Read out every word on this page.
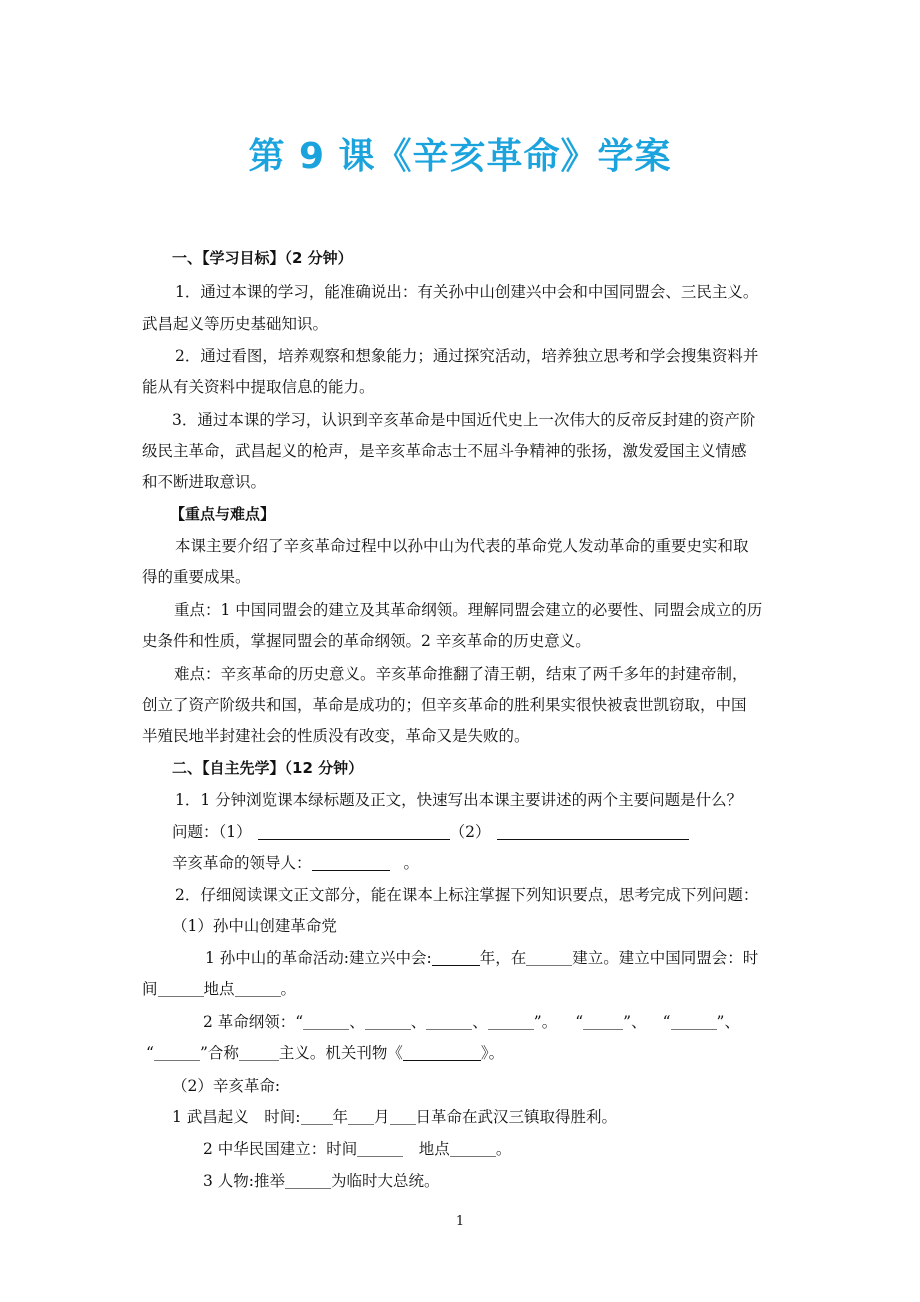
第 9 课《辛亥革命》学案
一、【学习目标】（2 分钟）
1．通过本课的学习，能准确说出：有关孙中山创建兴中会和中国同盟会、三民主义。
武昌起义等历史基础知识。
2．通过看图，培养观察和想象能力；通过探究活动，培养独立思考和学会搜集资料并
能从有关资料中提取信息的能力。
3．通过本课的学习，认识到辛亥革命是中国近代史上一次伟大的反帝反封建的资产阶
级民主革命，武昌起义的枪声，是辛亥革命志士不屈斗争精神的张扬，激发爱国主义情感
和不断进取意识。
【重点与难点】
本课主要介绍了辛亥革命过程中以孙中山为代表的革命党人发动革命的重要史实和取
得的重要成果。
重点：1 中国同盟会的建立及其革命纲领。理解同盟会建立的必要性、同盟会成立的历
史条件和性质，掌握同盟会的革命纲领。2 辛亥革命的历史意义。
难点：辛亥革命的历史意义。辛亥革命推翻了清王朝，结束了两千多年的封建帝制，
创立了资产阶级共和国，革命是成功的；但辛亥革命的胜利果实很快被袁世凯窃取，中国
半殖民地半封建社会的性质没有改变，革命又是失败的。
二、【自主先学】（12 分钟）
1．1 分钟浏览课本绿标题及正文，快速写出本课主要讲述的两个主要问题是什么？
问题：（1）	（2）
辛亥革命的领导人：	。
2．仔细阅读课文正文部分，能在课本上标注掌握下列知识要点，思考完成下列问题：
（1）孙中山创建革命党
1 孙中山的革命活动:建立兴中会:	年，在	建立。建立中国同盟会：时
间	地点	。
2 革命纲领：“	、	、	、	”。 “	”、 “	”、
“	”合称	主义。机关刊物《	》。
（2）辛亥革命:
1 武昌起义　时间: 年 月 日革命在武汉三镇取得胜利。
2 中华民国建立：时间	　地点	。
3 人物:推举	为临时大总统。
1
